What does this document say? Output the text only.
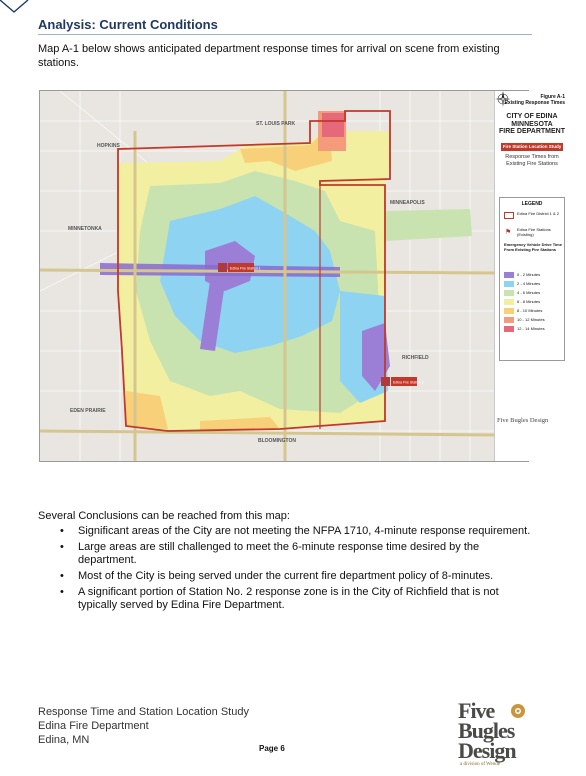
Analysis: Current Conditions

Map A-1 below shows anticipated department response times for arrival on scene from existing stations.

HOPKINS
ST. LOUIS PARK
MINNEAPOLIS
MINNETONKA
RICHFIELD
EDEN PRAIRIE
BLOOMINGTON
Edina Fire Station 1
Edina Fire Station 2
Figure A-1
Existing Response Times
CITY OF EDINA
MINNESOTA
FIRE DEPARTMENT
Fire Station Location Study
Response Times from Existing Fire Stations
LEGEND
Edina Fire District 1 & 2
⚑ Edina Fire Stations (Existing)
Emergency Vehicle Drive Time From Existing Fire Stations
0 - 2 Minutes
2 - 4 Minutes
4 - 6 Minutes
6 - 8 Minutes
8 - 10 Minutes
10 - 12 Minutes
12 - 14 Minutes
Five Bugles Design

Several Conclusions can be reached from this map:

• Significant areas of the City are not meeting the NFPA 1710, 4-minute response requirement.
• Large areas are still challenged to meet the 6-minute response time desired by the department.
• Most of the City is being served under the current fire department policy of 8-minutes.
• A significant portion of Station No. 2 response zone is in the City of Richfield that is not typically served by Edina Fire Department.
Response Time and Station Location Study
Edina Fire Department
Edina, MN
Page 6
Five
Bugles
Design
a division of Wende
